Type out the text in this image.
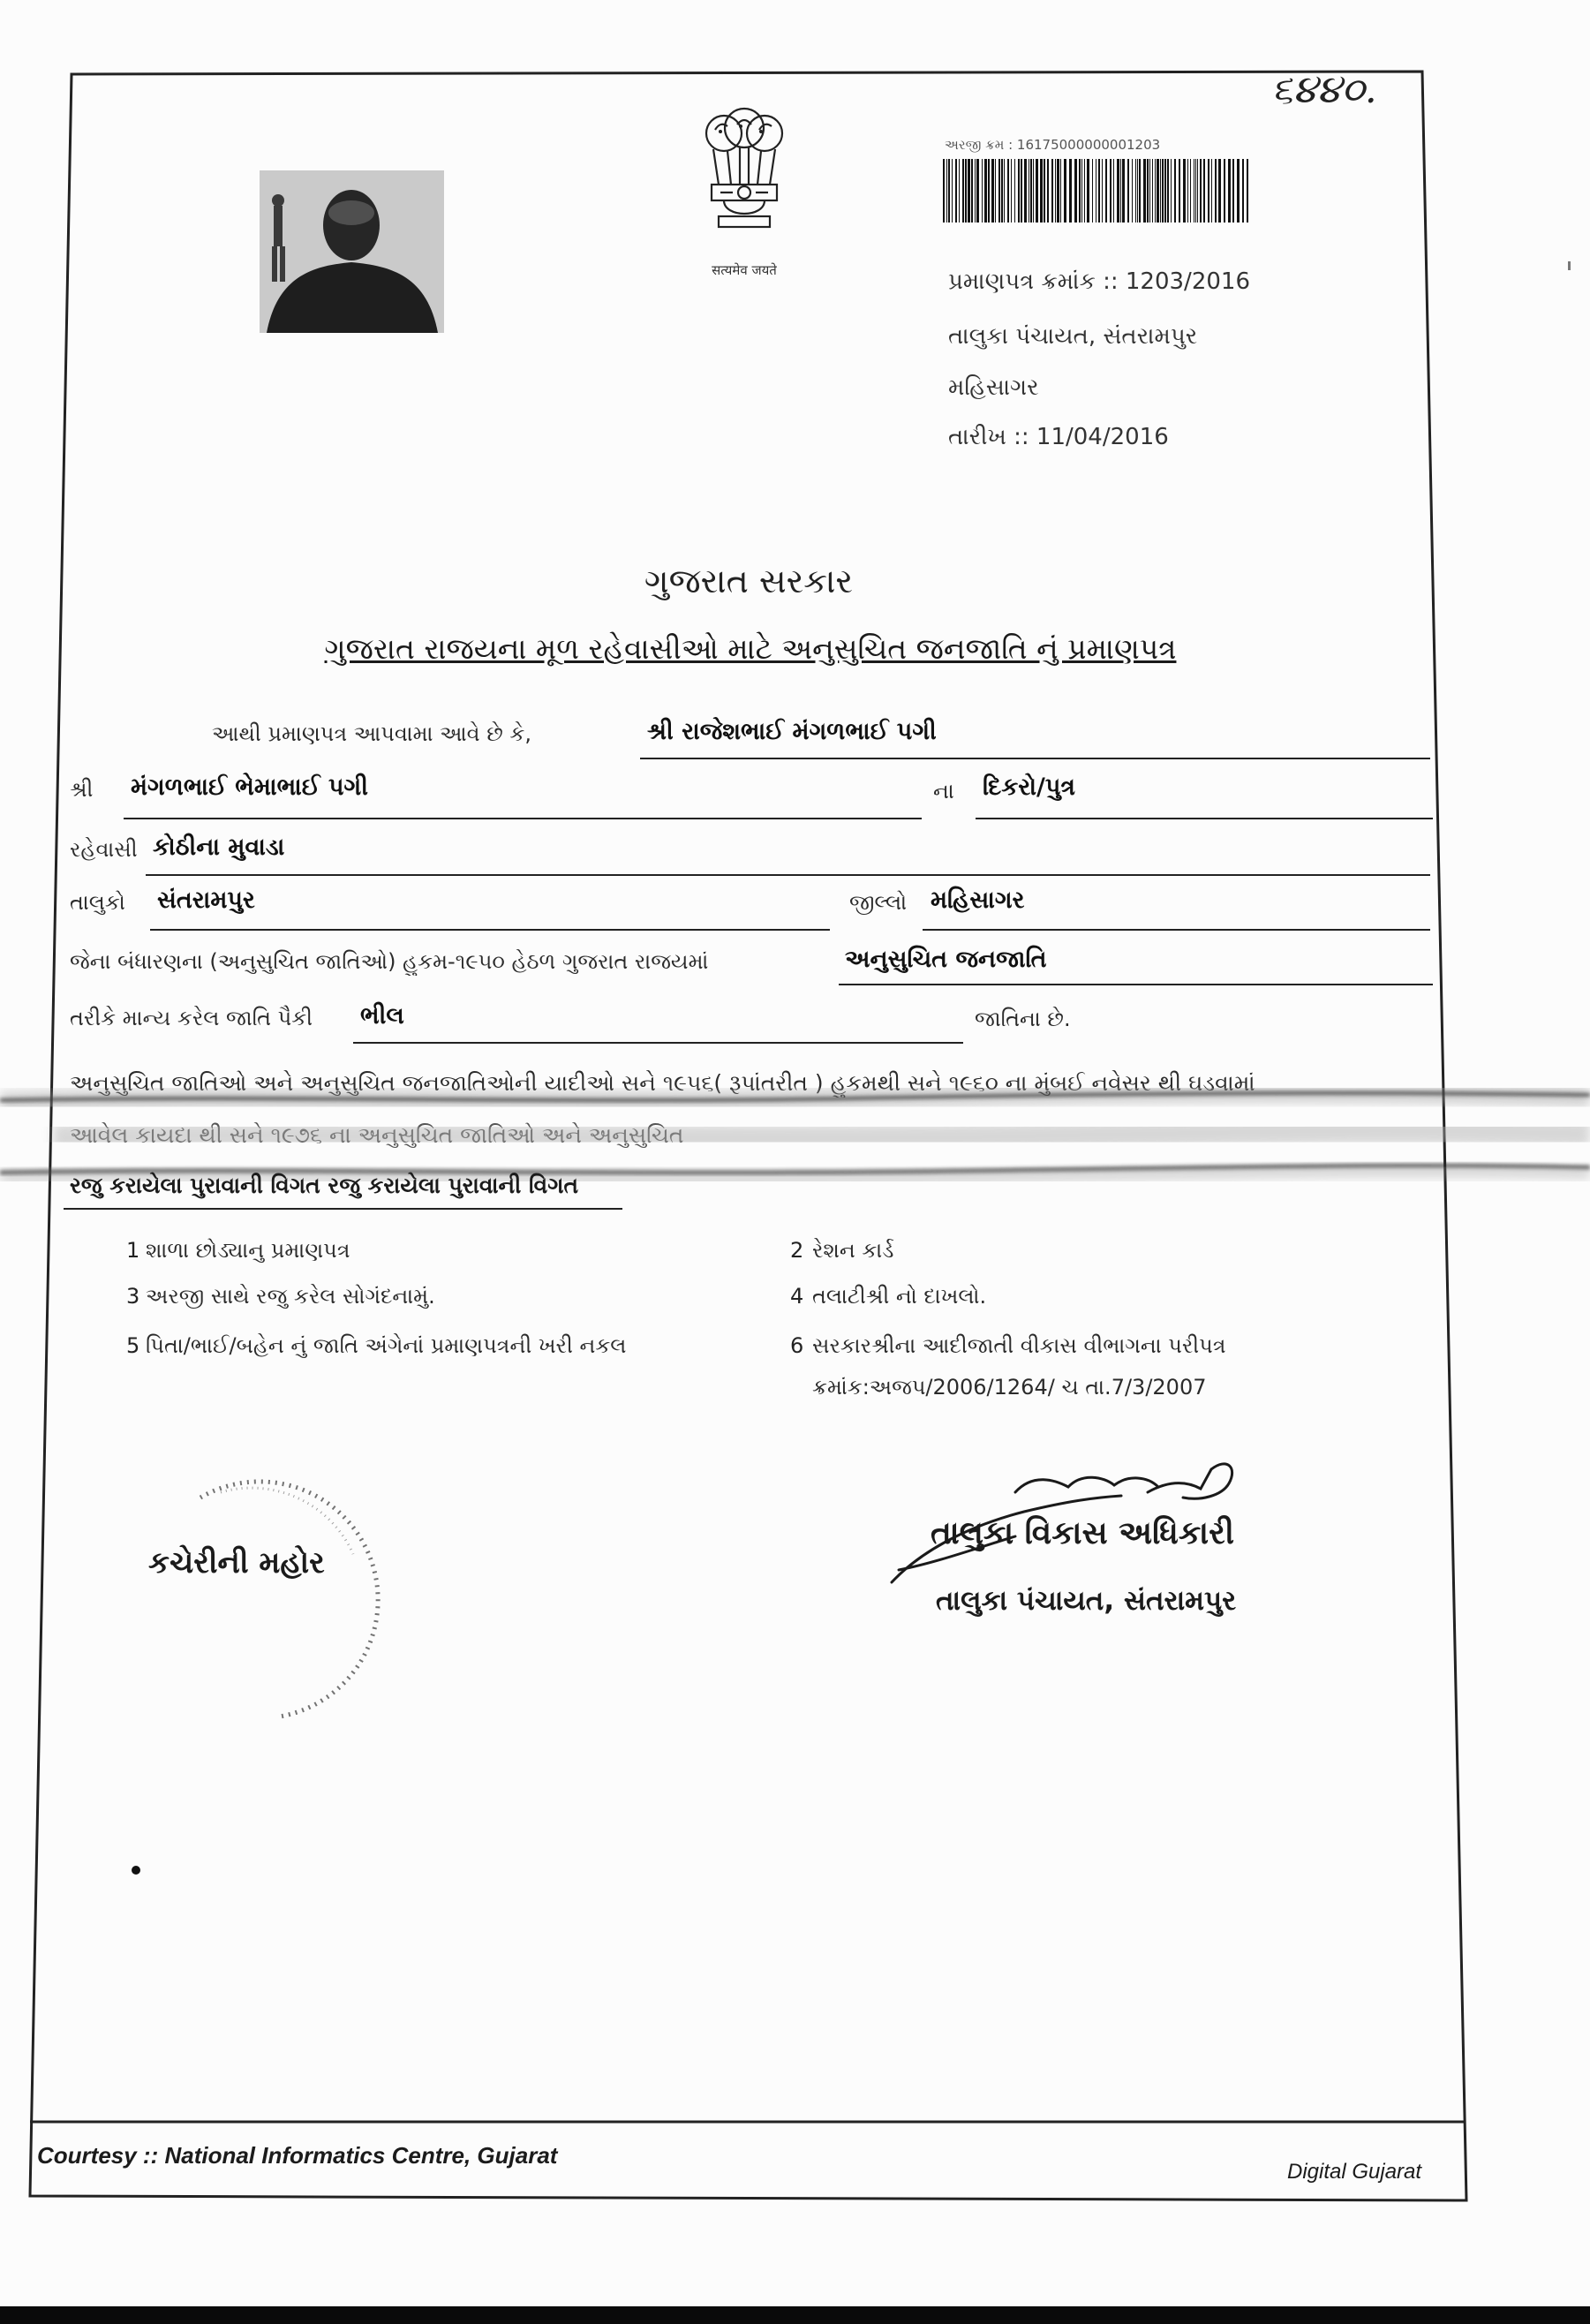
૬૪૪૦.
सत्यमेव जयते
અરજી ક્રમ : 16175000000001203
પ્રમાણપત્ર ક્રમાંક :: 1203/2016
તાલુકા પંચાયત, સંતરામપુર
મહિસાગર
તારીખ :: 11/04/2016
ગુજરાત સરકાર
ગુજરાત રાજયના મૂળ રહેવાસીઓ માટે અનુસુચિત જનજાતિ નું પ્રમાણપત્ર
આથી પ્રમાણપત્ર આપવામા આવે છે કે,	શ્રી રાજેશભાઈ મંગળભાઈ પગી
શ્રી	મંગળભાઈ ભેમાભાઈ પગી	ના	દિકરો/પુત્ર
રહેવાસી કોઠીના મુવાડા
તાલુકો	સંતરામપુર	જીલ્લો મહિસાગર
જેના બંધારણના (અનુસુચિત જાતિઓ) હુકમ-૧૯૫૦ હેઠળ ગુજરાત રાજયમાં	અનુસુચિત જનજાતિ
તરીકે માન્ય કરેલ જાતિ પૈકી	ભીલ	જાતિના છે.
અનુસુચિત જાતિઓ અને અનુસુચિત જનજાતિઓની યાદીઓ સને ૧૯૫૬( રૂપાંતરીત ) હુકમથી સને ૧૯૬૦ ના મુંબઈ નવેસર થી ઘડવામાં
આવેલ કાયદા થી સને ૧૯૭૬ ના અનુસુચિત જાતિઓ અને અનુસુચિત
રજુ કરાયેલા પુરાવાની વિગત રજુ કરાયેલા પુરાવાની વિગત
1 શાળા છોડ્યાનુ પ્રમાણપત્ર	2 રેશન કાર્ડ
3 અરજી સાથે રજુ કરેલ સોગંદનામું.	4 તલાટીશ્રી નો દાખલો.
5 પિતા/ભાઈ/બહેન નું જાતિ અંગેનાં પ્રમાણપત્રની ખરી નકલ	6 સરકારશ્રીના આદીજાતી વીકાસ વીભાગના પરીપત્ર
ક્રમાંક:અજપ/2006/1264/ ચ તા.7/3/2007
કચેરીની મહોર
તાલુકા વિકાસ અધિકારી
તાલુકા પંચાયત, સંતરામપુર
Courtesy :: National Informatics Centre, Gujarat
Digital Gujarat
